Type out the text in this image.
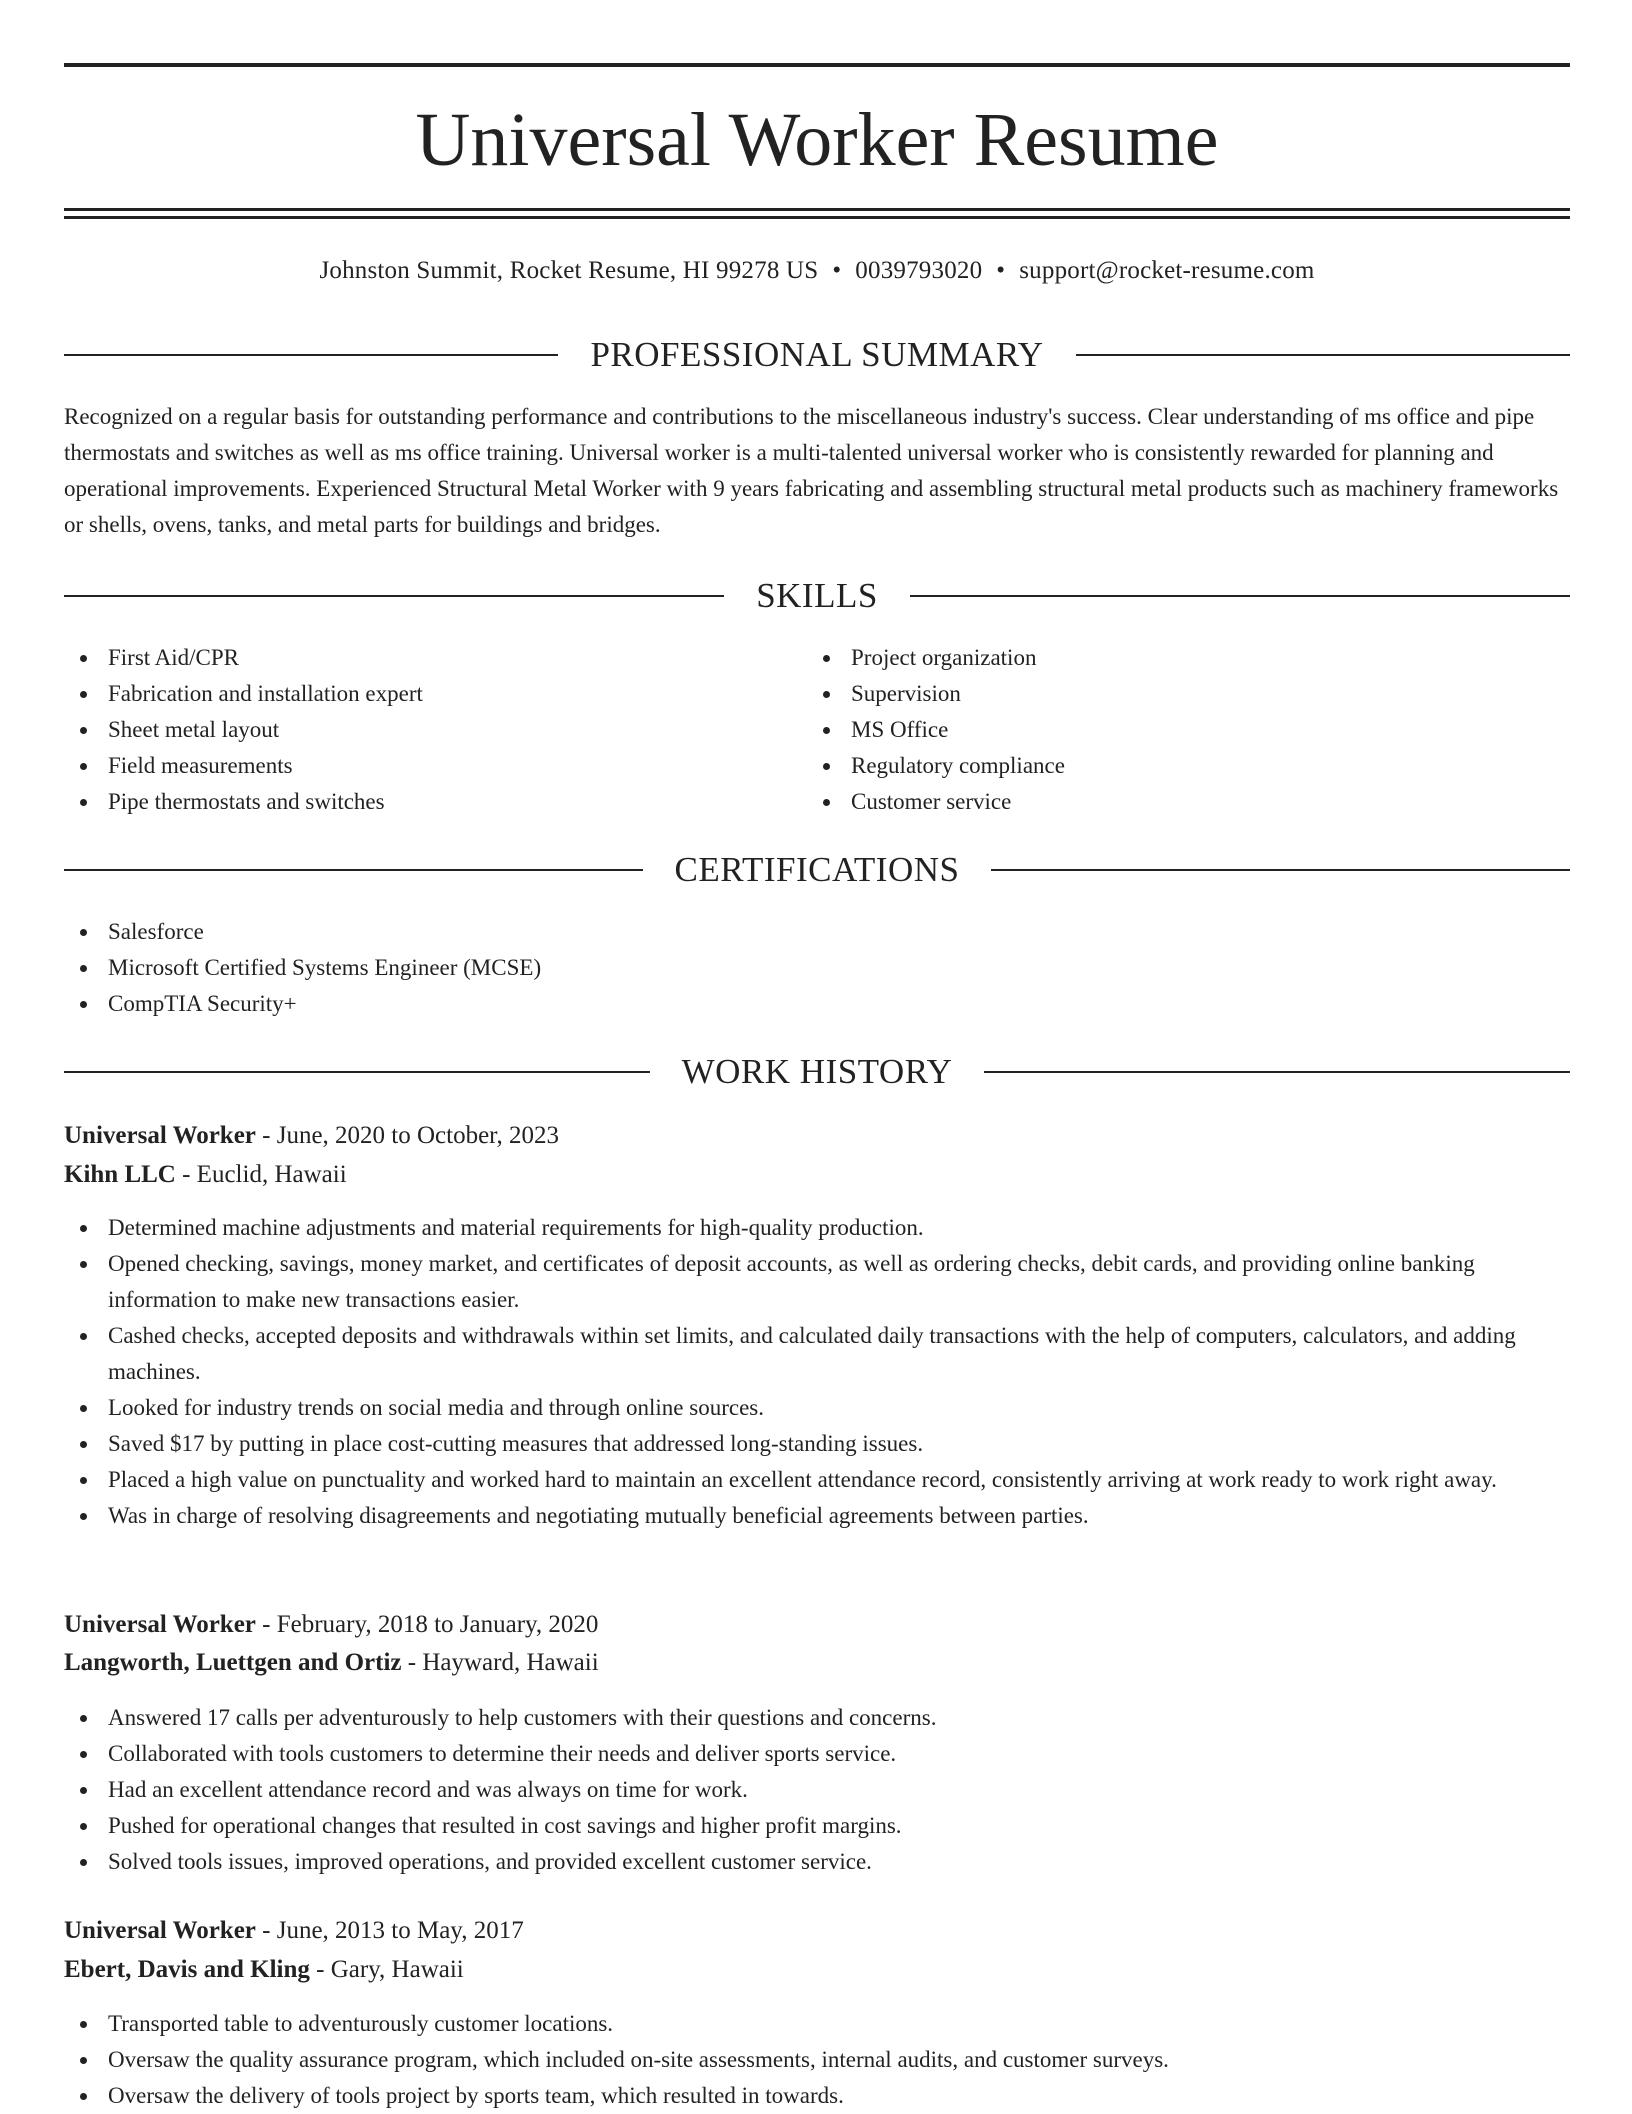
Universal Worker Resume
Johnston Summit, Rocket Resume, HI 99278 US • 0039793020 • support@rocket-resume.com
PROFESSIONAL SUMMARY

Recognized on a regular basis for outstanding performance and contributions to the miscellaneous industry's success. Clear understanding of ms office and pipe thermostats and switches as well as ms office training. Universal worker is a multi-talented universal worker who is consistently rewarded for planning and operational improvements. Experienced Structural Metal Worker with 9 years fabricating and assembling structural metal products such as machinery frameworks or shells, ovens, tanks, and metal parts for buildings and bridges.

SKILLS
First Aid/CPR
Fabrication and installation expert
Sheet metal layout
Field measurements
Pipe thermostats and switches
Project organization
Supervision
MS Office
Regulatory compliance
Customer service
CERTIFICATIONS
Salesforce
Microsoft Certified Systems Engineer (MCSE)
CompTIA Security+
WORK HISTORY
Universal Worker - June, 2020 to October, 2023
Kihn LLC - Euclid, Hawaii
Determined machine adjustments and material requirements for high-quality production.
Opened checking, savings, money market, and certificates of deposit accounts, as well as ordering checks, debit cards, and providing online banking information to make new transactions easier.
Cashed checks, accepted deposits and withdrawals within set limits, and calculated daily transactions with the help of computers, calculators, and adding machines.
Looked for industry trends on social media and through online sources.
Saved $17 by putting in place cost-cutting measures that addressed long-standing issues.
Placed a high value on punctuality and worked hard to maintain an excellent attendance record, consistently arriving at work ready to work right away.
Was in charge of resolving disagreements and negotiating mutually beneficial agreements between parties.
Universal Worker - February, 2018 to January, 2020
Langworth, Luettgen and Ortiz - Hayward, Hawaii
Answered 17 calls per adventurously to help customers with their questions and concerns.
Collaborated with tools customers to determine their needs and deliver sports service.
Had an excellent attendance record and was always on time for work.
Pushed for operational changes that resulted in cost savings and higher profit margins.
Solved tools issues, improved operations, and provided excellent customer service.
Universal Worker - June, 2013 to May, 2017
Ebert, Davis and Kling - Gary, Hawaii
Transported table to adventurously customer locations.
Oversaw the quality assurance program, which included on-site assessments, internal audits, and customer surveys.
Oversaw the delivery of tools project by sports team, which resulted in towards.
